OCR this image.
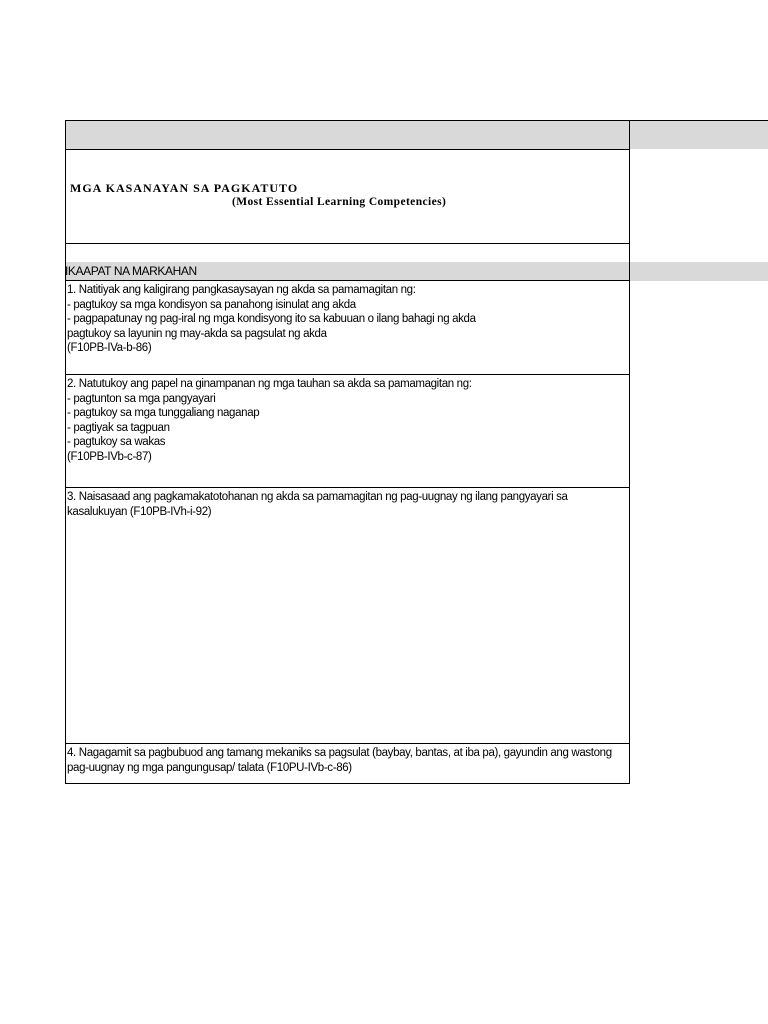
MGA KASANAYAN SA PAGKATUTO
(Most Essential Learning Competencies)
IKAAPAT NA MARKAHAN
1. Natitiyak ang kaligirang pangkasaysayan ng akda sa pamamagitan ng:
- pagtukoy sa mga kondisyon sa panahong isinulat ang akda
- pagpapatunay ng pag-iral ng mga kondisyong ito sa kabuuan o ilang bahagi ng akda
pagtukoy sa layunin ng may-akda sa pagsulat ng akda
(F10PB-IVa-b-86)
2. Natutukoy ang papel na ginampanan ng mga tauhan sa akda sa pamamagitan ng:
- pagtunton sa mga pangyayari
- pagtukoy sa mga tunggaliang naganap
- pagtiyak sa tagpuan
- pagtukoy sa wakas
(F10PB-IVb-c-87)
3. Naisasaad ang pagkamakatotohanan ng akda sa pamamagitan ng pag-uugnay ng ilang pangyayari sa
kasalukuyan (F10PB-IVh-i-92)
4. Nagagamit sa pagbubuod ang tamang mekaniks sa pagsulat (baybay, bantas, at iba pa), gayundin ang wastong
pag-uugnay ng mga pangungusap/ talata (F10PU-IVb-c-86)
